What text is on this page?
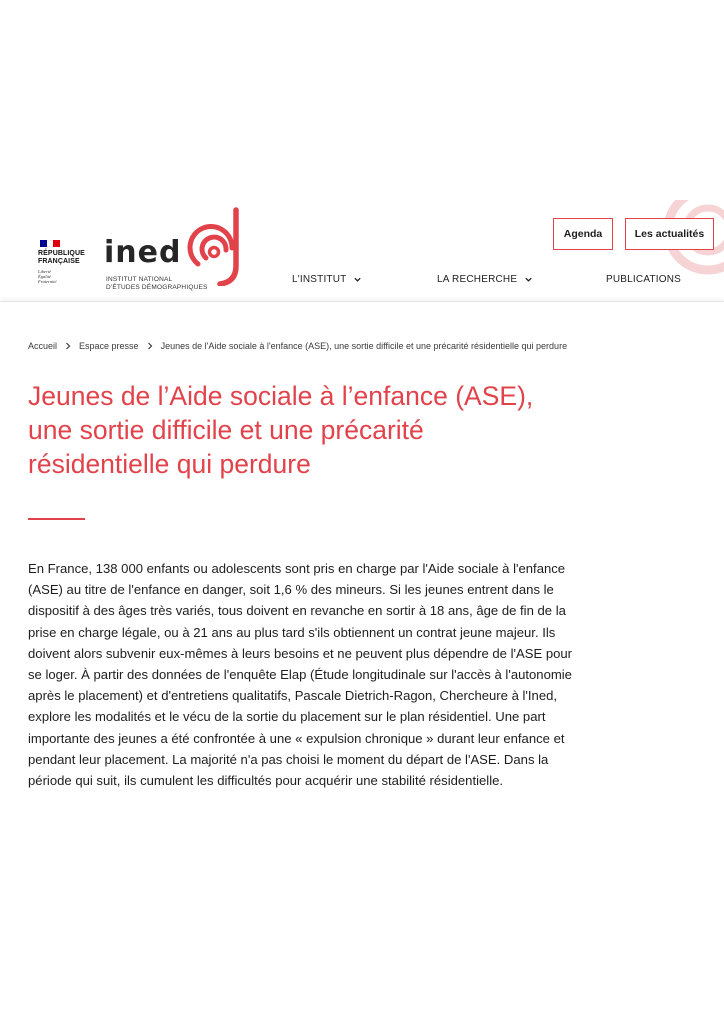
RÉPUBLIQUE
FRANÇAISE
Liberté
Égalité
Fraternité
ined
INSTITUT NATIONAL
D'ÉTUDES DÉMOGRAPHIQUES
Agenda	Les actualités
L'INSTITUT	LA RECHERCHE	PUBLICATIONS
Accueil Espace presse Jeunes de l'Aide sociale à l'enfance (ASE), une sortie difficile et une précarité résidentielle qui perdure
Jeunes de l’Aide sociale à l’enfance (ASE),
une sortie difficile et une précarité
résidentielle qui perdure
En France, 138 000 enfants ou adolescents sont pris en charge par l'Aide sociale à l'enfance
(ASE) au titre de l'enfance en danger, soit 1,6 % des mineurs. Si les jeunes entrent dans le
dispositif à des âges très variés, tous doivent en revanche en sortir à 18 ans, âge de fin de la
prise en charge légale, ou à 21 ans au plus tard s'ils obtiennent un contrat jeune majeur. Ils
doivent alors subvenir eux-mêmes à leurs besoins et ne peuvent plus dépendre de l'ASE pour
se loger. À partir des données de l'enquête Elap (Étude longitudinale sur l'accès à l'autonomie
après le placement) et d'entretiens qualitatifs, Pascale Dietrich-Ragon, Chercheure à l'Ined,
explore les modalités et le vécu de la sortie du placement sur le plan résidentiel. Une part
importante des jeunes a été confrontée à une « expulsion chronique » durant leur enfance et
pendant leur placement. La majorité n'a pas choisi le moment du départ de l'ASE. Dans la
période qui suit, ils cumulent les difficultés pour acquérir une stabilité résidentielle.
